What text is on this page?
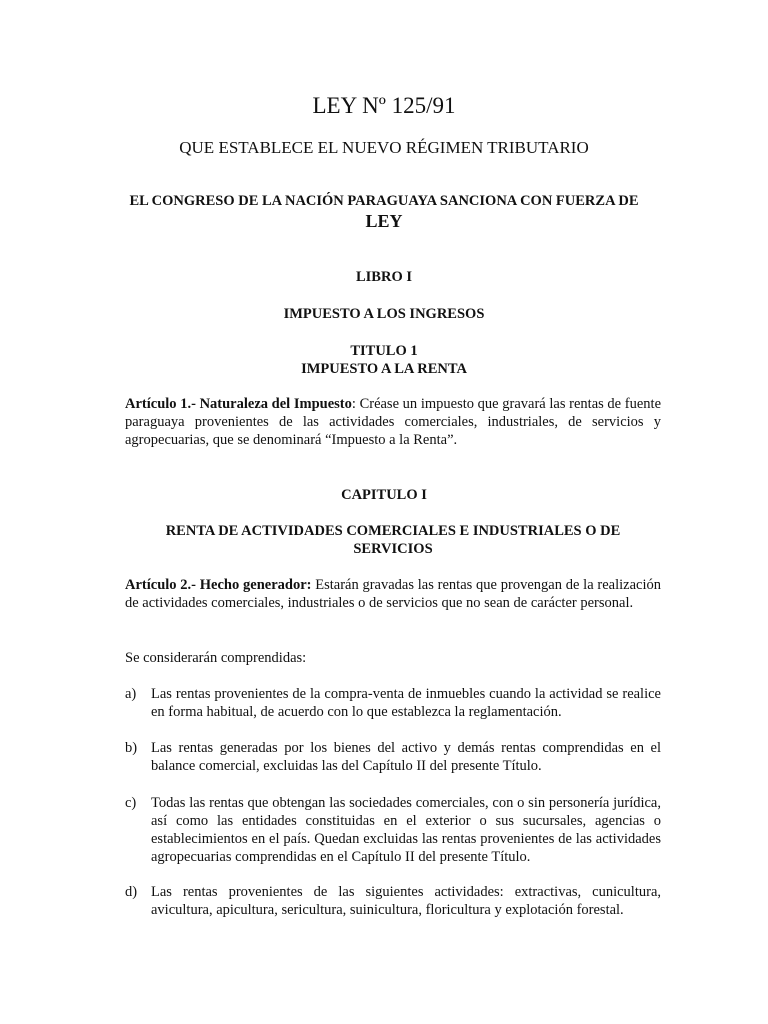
LEY Nº 125/91
QUE ESTABLECE EL NUEVO RÉGIMEN TRIBUTARIO
EL CONGRESO DE LA NACIÓN PARAGUAYA SANCIONA CON FUERZA DE
LEY
LIBRO I
IMPUESTO A LOS INGRESOS
TITULO 1
IMPUESTO A LA RENTA

Artículo 1.- Naturaleza del Impuesto: Créase un impuesto que gravará las rentas de fuente paraguaya provenientes de las actividades comerciales, industriales, de servicios y agropecuarias, que se denominará “Impuesto a la Renta”.

CAPITULO I
RENTA DE ACTIVIDADES COMERCIALES E INDUSTRIALES O DE SERVICIOS

Artículo 2.- Hecho generador: Estarán gravadas las rentas que provengan de la realización de actividades comerciales, industriales o de servicios que no sean de carácter personal.

Se considerarán comprendidas:

a)	Las rentas provenientes de la compra-venta de inmuebles cuando la actividad se realice en forma habitual, de acuerdo con lo que establezca la reglamentación.
b) Las rentas generadas por los bienes del activo y demás rentas comprendidas en el balance comercial, excluidas las del Capítulo II del presente Título.
c)	Todas las rentas que obtengan las sociedades comerciales, con o sin personería jurídica, así como las entidades constituidas en el exterior o sus sucursales, agencias o establecimientos en el país. Quedan excluidas las rentas provenientes de las actividades agropecuarias comprendidas en el Capítulo II del presente Título.
d) Las rentas provenientes de las siguientes actividades: extractivas, cunicultura, avicultura, apicultura, sericultura, suinicultura, floricultura y explotación forestal.
